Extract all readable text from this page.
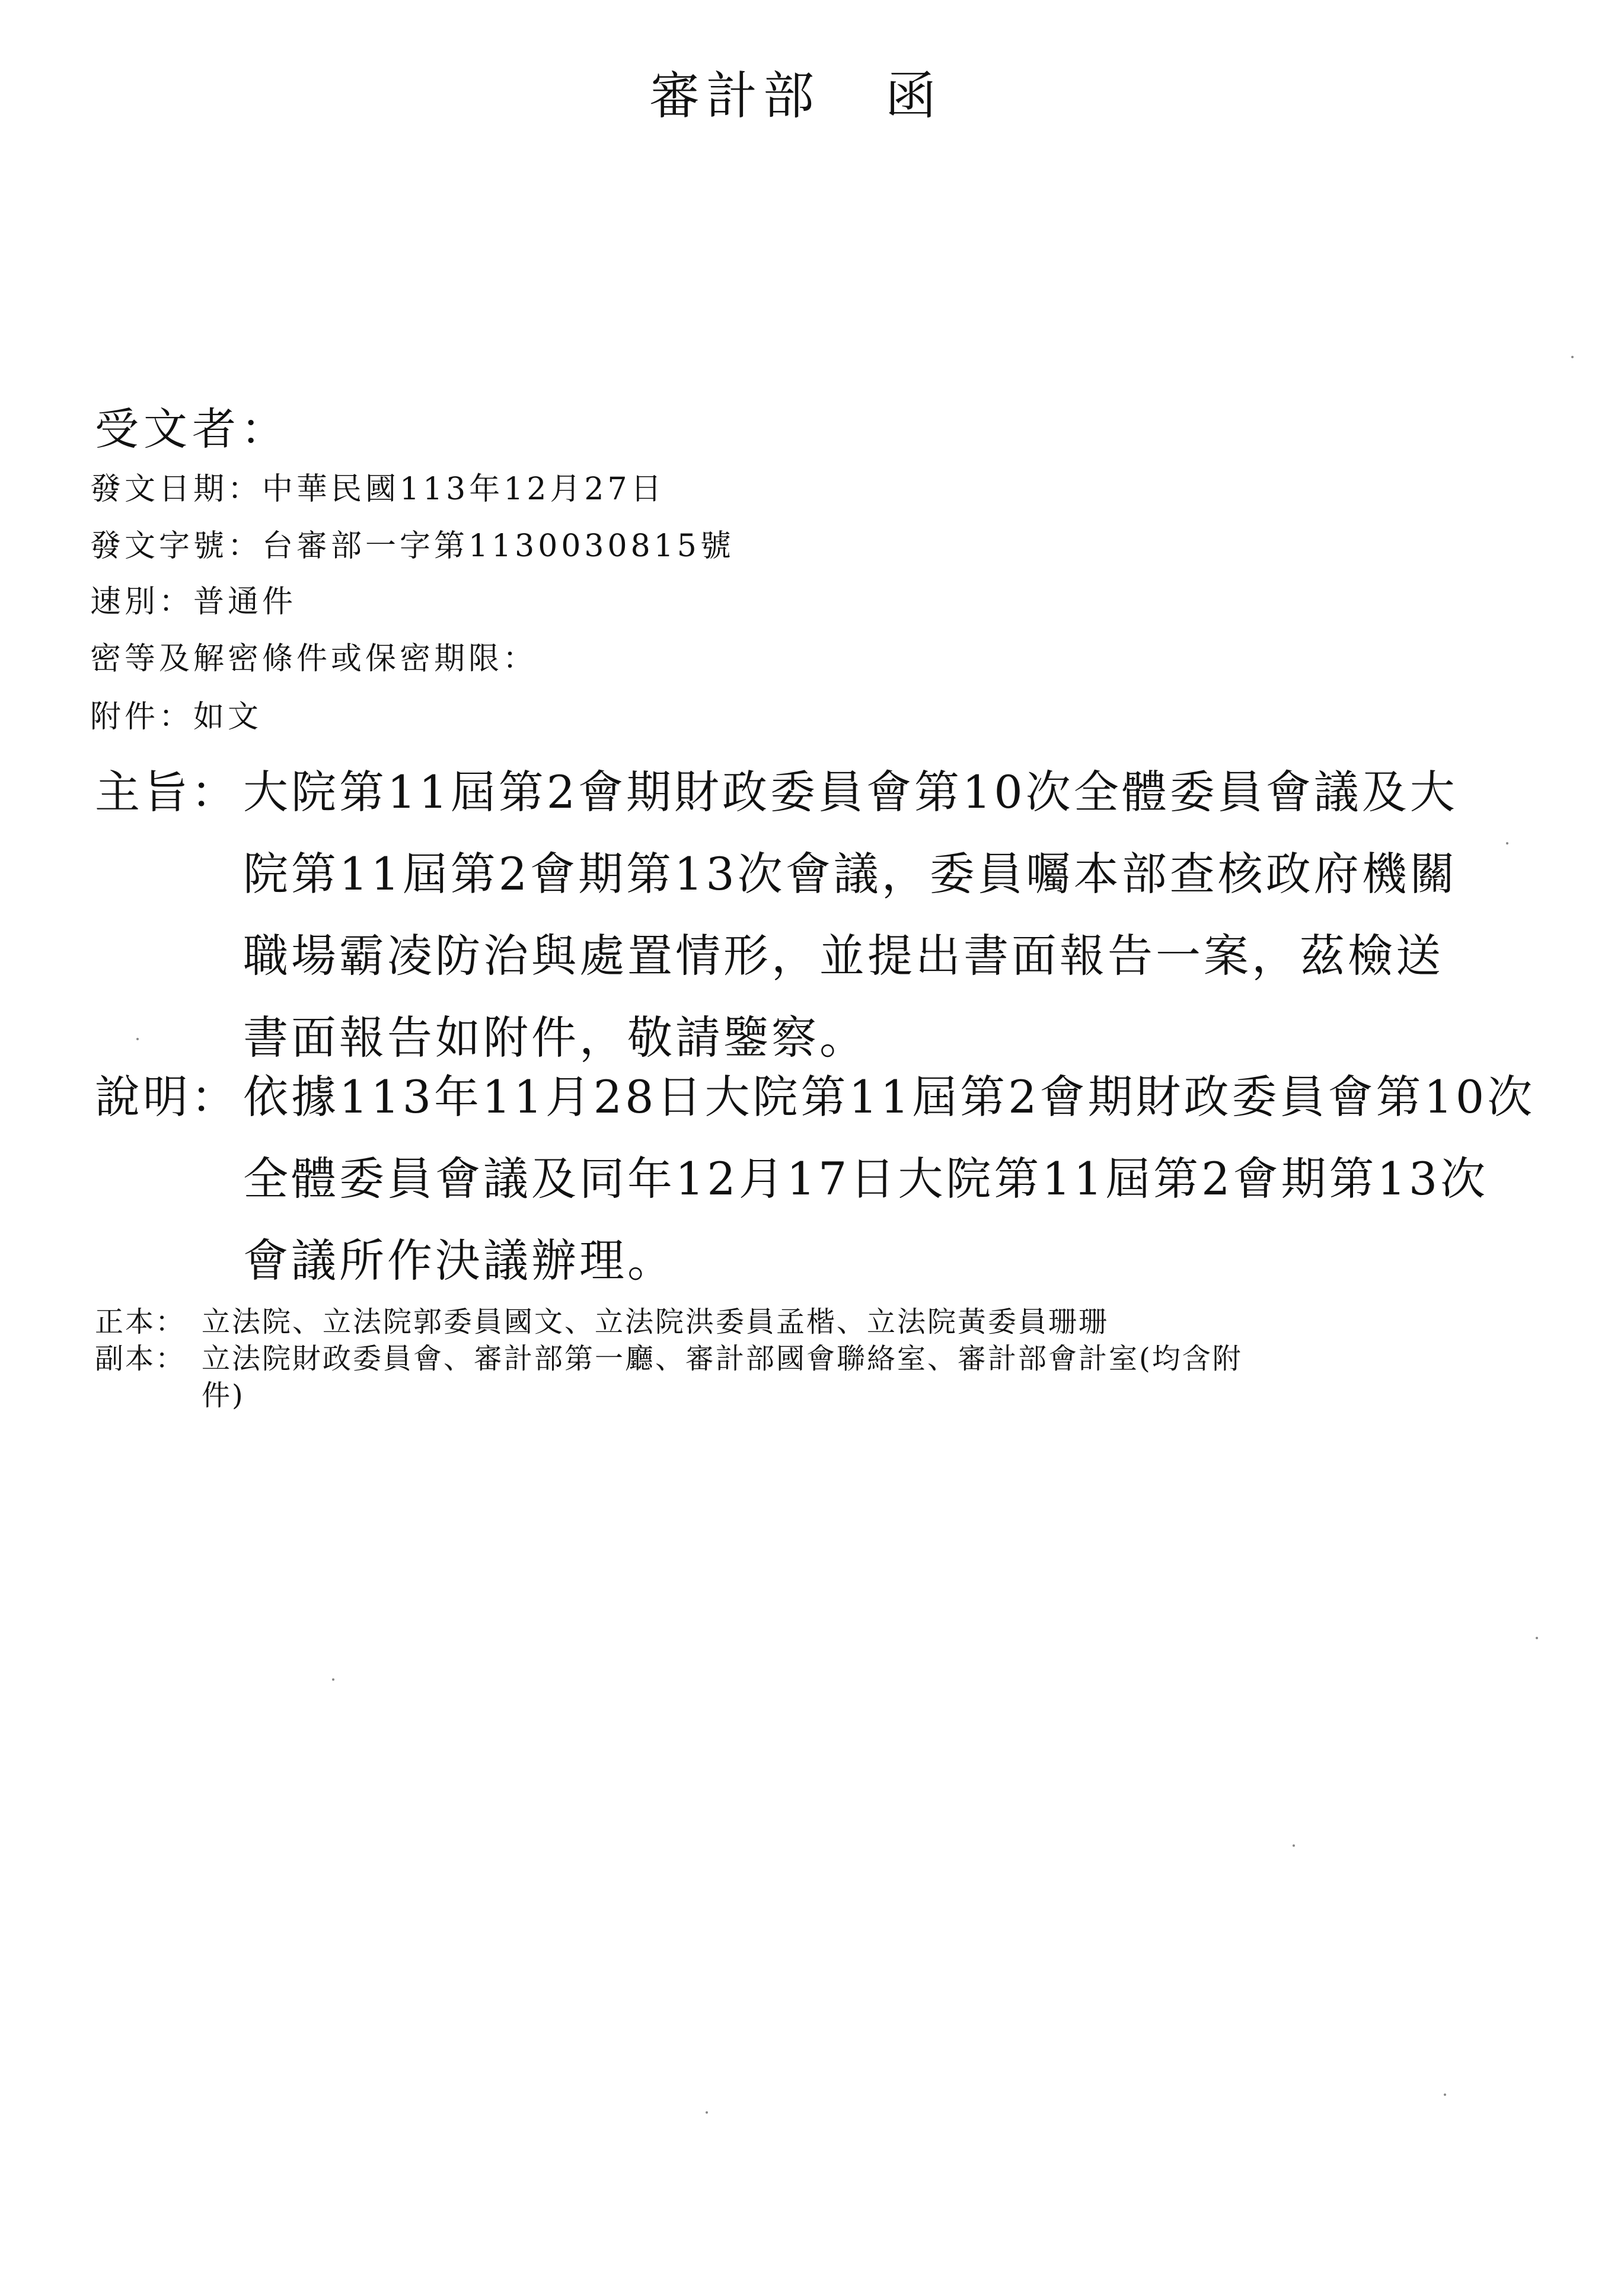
審計部 函
受文者：
發文日期：中華民國113年12月27日
發文字號：台審部一字第1130030815號
速別：普通件
密等及解密條件或保密期限：
附件：如文
主旨： 大院第11屆第2會期財政委員會第10次全體委員會議及大
院第11屆第2會期第13次會議，委員囑本部查核政府機關
職場霸凌防治與處置情形，並提出書面報告一案，茲檢送
書面報告如附件，敬請鑒察。
說明： 依據113年11月28日大院第11屆第2會期財政委員會第10次
全體委員會議及同年12月17日大院第11屆第2會期第13次
會議所作決議辦理。
正本： 立法院、立法院郭委員國文、立法院洪委員孟楷、立法院黃委員珊珊
副本： 立法院財政委員會、審計部第一廳、審計部國會聯絡室、審計部會計室(均含附
件)
